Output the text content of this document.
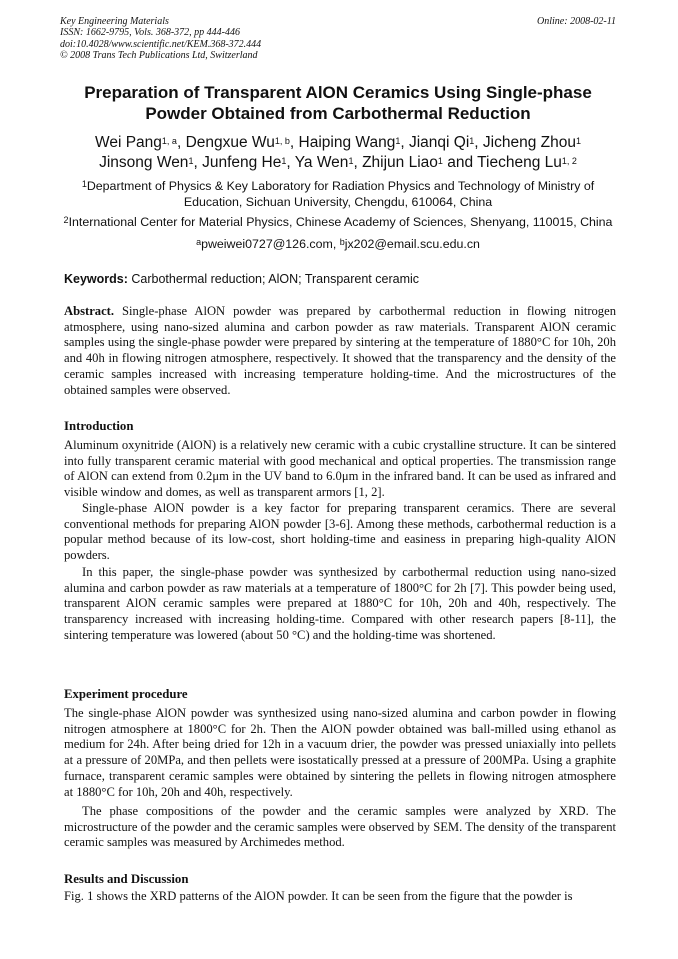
Key Engineering Materials
ISSN: 1662-9795, Vols. 368-372, pp 444-446
doi:10.4028/www.scientific.net/KEM.368-372.444
© 2008 Trans Tech Publications Ltd, Switzerland
Online: 2008-02-11
Preparation of Transparent AlON Ceramics Using Single-phase
Powder Obtained from Carbothermal Reduction
Wei Pang$^{1, a}$, Dengxue Wu$^{1, b}$, Haiping Wang$^1$, Jianqi Qi$^1$, Jicheng Zhou$^1$
Jinsong Wen$^1$, Junfeng He$^1$, Ya Wen$^1$, Zhijun Liao$^1$ and Tiecheng Lu$^{1, 2}$
$^1$Department of Physics & Key Laboratory for Radiation Physics and Technology of Ministry of
Education, Sichuan University, Chengdu, 610064, China
$^2$International Center for Material Physics, Chinese Academy of Sciences, Shenyang, 110015, China
$^a$pweiwei0727@126.com, $^b$jx202@email.scu.edu.cn
Keywords: Carbothermal reduction; AlON; Transparent ceramic
Abstract. Single-phase AlON powder was prepared by carbothermal reduction in flowing nitrogen atmosphere, using nano-sized alumina and carbon powder as raw materials. Transparent AlON ceramic samples using the single-phase powder were prepared by sintering at the temperature of 1880°C for 10h, 20h and 40h in flowing nitrogen atmosphere, respectively. It showed that the transparency and the density of the ceramic samples increased with increasing temperature holding-time. And the microstructures of the obtained samples were observed.
Introduction
Aluminum oxynitride (AlON) is a relatively new ceramic with a cubic crystalline structure. It can be sintered into fully transparent ceramic material with good mechanical and optical properties. The transmission range of AlON can extend from 0.2μm in the UV band to 6.0μm in the infrared band. It can be used as infrared and visible window and domes, as well as transparent armors [1, 2].
Single-phase AlON powder is a key factor for preparing transparent ceramics. There are several conventional methods for preparing AlON powder [3-6]. Among these methods, carbothermal reduction is a popular method because of its low-cost, short holding-time and easiness in preparing high-quality AlON powders.
In this paper, the single-phase powder was synthesized by carbothermal reduction using nano-sized alumina and carbon powder as raw materials at a temperature of 1800°C for 2h [7]. This powder being used, transparent AlON ceramic samples were prepared at 1880°C for 10h, 20h and 40h, respectively. The transparency increased with increasing holding-time. Compared with other research papers [8-11], the sintering temperature was lowered (about 50 °C) and the holding-time was shortened.
Experiment procedure
The single-phase AlON powder was synthesized using nano-sized alumina and carbon powder in flowing nitrogen atmosphere at 1800°C for 2h. Then the AlON powder obtained was ball-milled using ethanol as medium for 24h. After being dried for 12h in a vacuum drier, the powder was pressed uniaxially into pellets at a pressure of 20MPa, and then pellets were isostatically pressed at a pressure of 200MPa. Using a graphite furnace, transparent ceramic samples were obtained by sintering the pellets in flowing nitrogen atmosphere at 1880°C for 10h, 20h and 40h, respectively.
The phase compositions of the powder and the ceramic samples were analyzed by XRD. The microstructure of the powder and the ceramic samples were observed by SEM. The density of the transparent ceramic samples was measured by Archimedes method.
Results and Discussion
Fig. 1 shows the XRD patterns of the AlON powder. It can be seen from the figure that the powder is
